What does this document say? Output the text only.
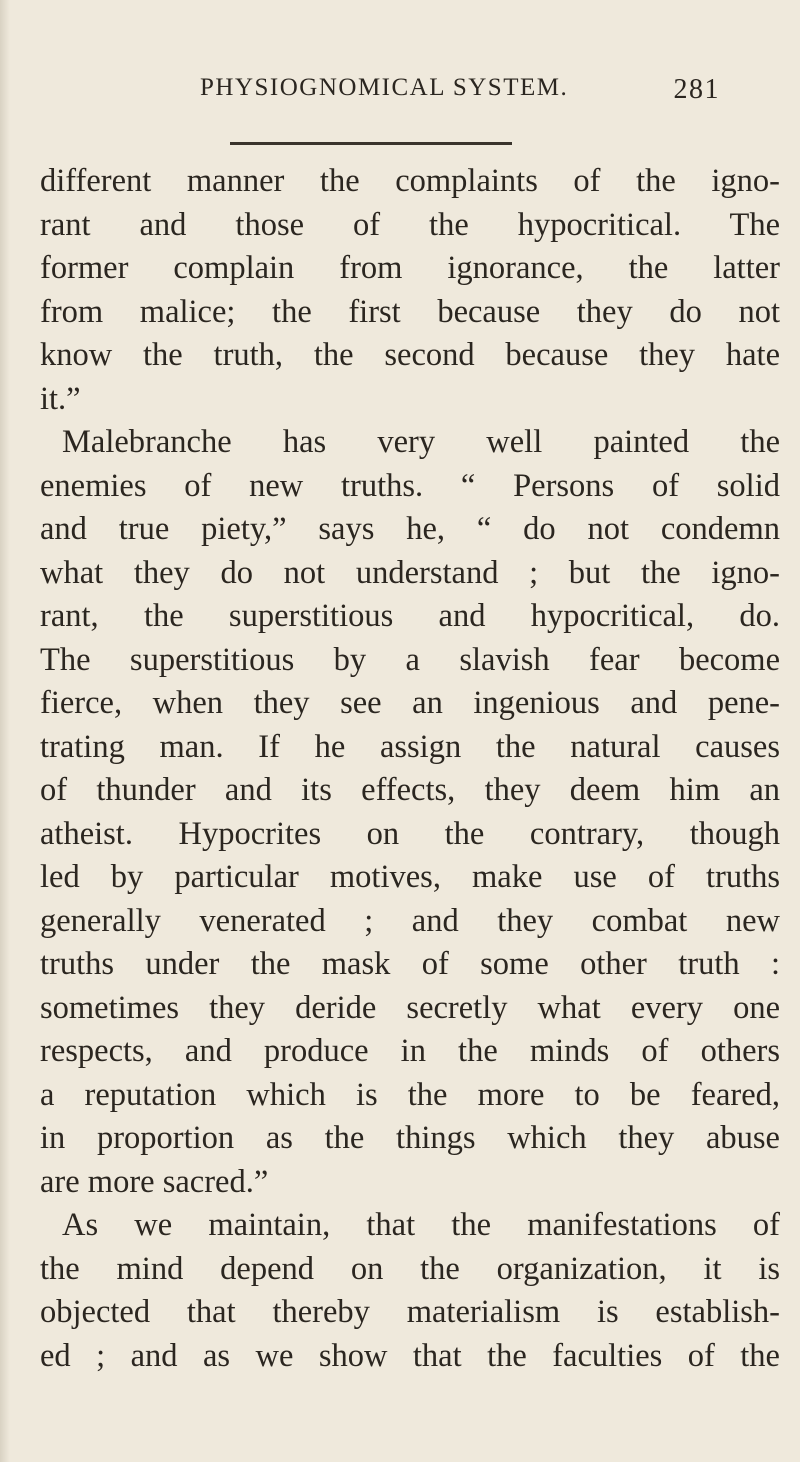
PHYSIOGNOMICAL SYSTEM.	281
different manner the complaints of the igno-
rant and those of the hypocritical. The
former complain from ignorance, the latter
from malice; the first because they do not
know the truth, the second because they hate
it.”
Malebranche has very well painted the
enemies of new truths. “ Persons of solid
and true piety,” says he, “ do not condemn
what they do not understand ; but the igno-
rant, the superstitious and hypocritical, do.
The superstitious by a slavish fear become
fierce, when they see an ingenious and pene-
trating man. If he assign the natural causes
of thunder and its effects, they deem him an
atheist. Hypocrites on the contrary, though
led by particular motives, make use of truths
generally venerated ; and they combat new
truths under the mask of some other truth :
sometimes they deride secretly what every one
respects, and produce in the minds of others
a reputation which is the more to be feared,
in proportion as the things which they abuse
are more sacred.”
As we maintain, that the manifestations of
the mind depend on the organization, it is
objected that thereby materialism is establish-
ed ; and as we show that the faculties of the
